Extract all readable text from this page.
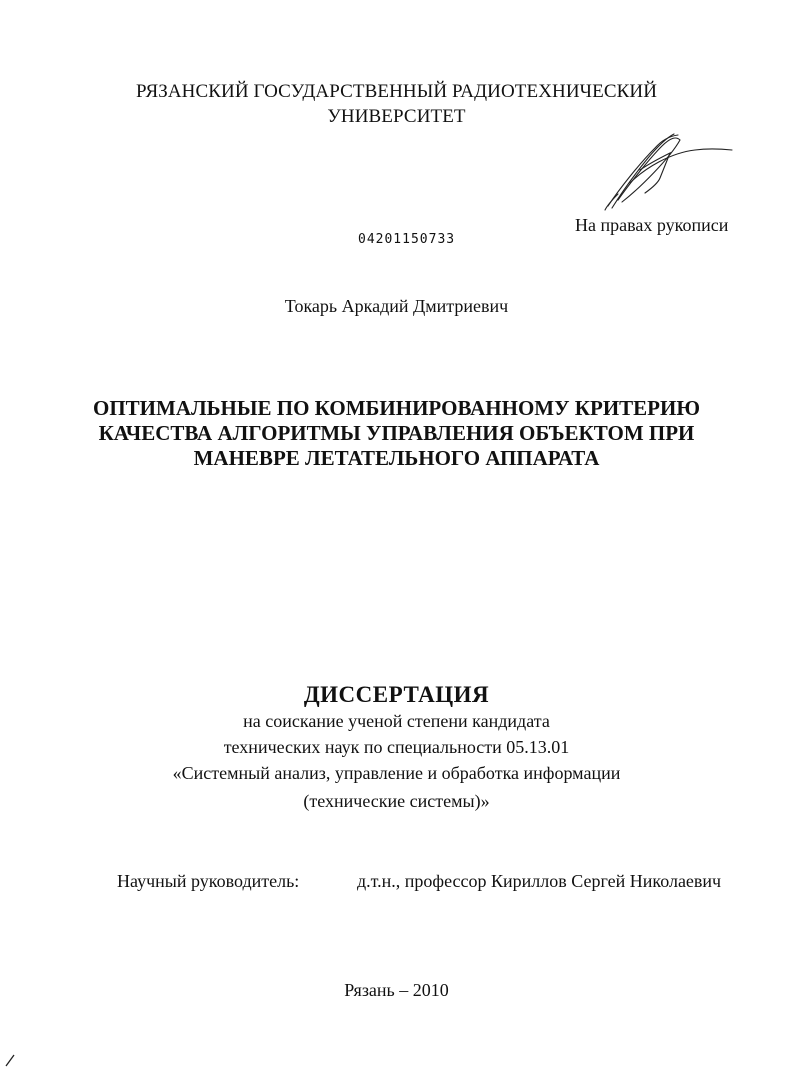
РЯЗАНСКИЙ ГОСУДАРСТВЕННЫЙ РАДИОТЕХНИЧЕСКИЙ
УНИВЕРСИТЕТ
На правах рукописи
04201150733
Токарь Аркадий Дмитриевич
ОПТИМАЛЬНЫЕ ПО КОМБИНИРОВАННОМУ КРИТЕРИЮ
КАЧЕСТВА АЛГОРИТМЫ УПРАВЛЕНИЯ ОБЪЕКТОМ ПРИ
МАНЕВРЕ ЛЕТАТЕЛЬНОГО АППАРАТА
ДИССЕРТАЦИЯ
на соискание ученой степени кандидата
технических наук по специальности 05.13.01
«Системный анализ, управление и обработка информации
(технические системы)»
Научный руководитель:	д.т.н., профессор Кириллов Сергей Николаевич
Рязань – 2010
